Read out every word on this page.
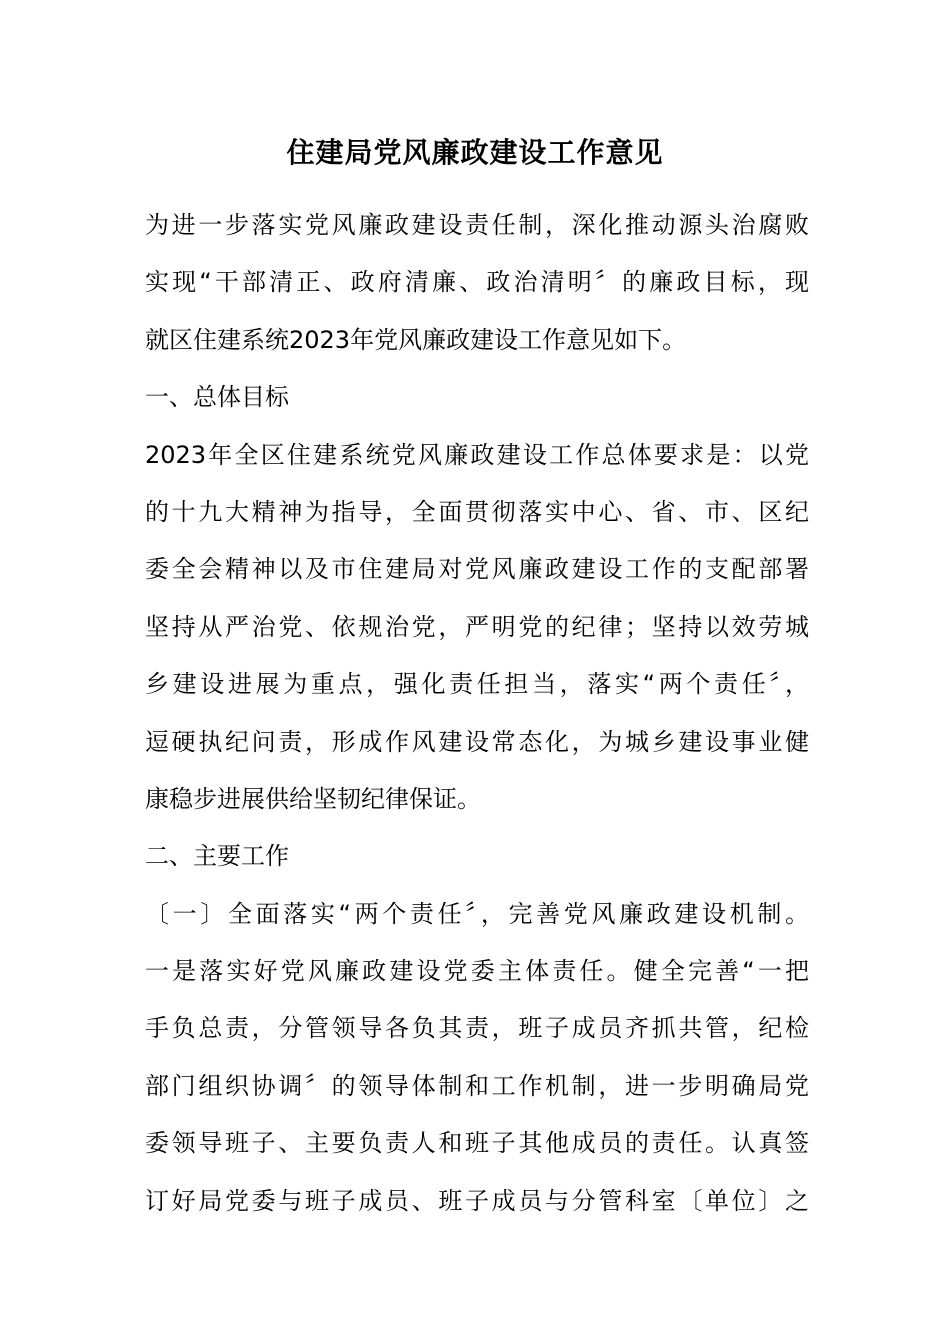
住建局党风廉政建设工作意见
为进一步落实党风廉政建设责任制，深化推动源头治腐败
实现“干部清正、政府清廉、政治清明〞的廉政目标，现
就区住建系统2023年党风廉政建设工作意见如下。
一、总体目标
2023年全区住建系统党风廉政建设工作总体要求是：以党
的十九大精神为指导，全面贯彻落实中心、省、市、区纪
委全会精神以及市住建局对党风廉政建设工作的支配部署
坚持从严治党、依规治党，严明党的纪律；坚持以效劳城
乡建设进展为重点，强化责任担当，落实“两个责任〞，
逗硬执纪问责，形成作风建设常态化，为城乡建设事业健
康稳步进展供给坚韧纪律保证。
二、主要工作
〔一〕全面落实“两个责任〞，完善党风廉政建设机制。
一是落实好党风廉政建设党委主体责任。健全完善“一把
手负总责，分管领导各负其责，班子成员齐抓共管，纪检
部门组织协调〞的领导体制和工作机制，进一步明确局党
委领导班子、主要负责人和班子其他成员的责任。认真签
订好局党委与班子成员、班子成员与分管科室〔单位〕之
